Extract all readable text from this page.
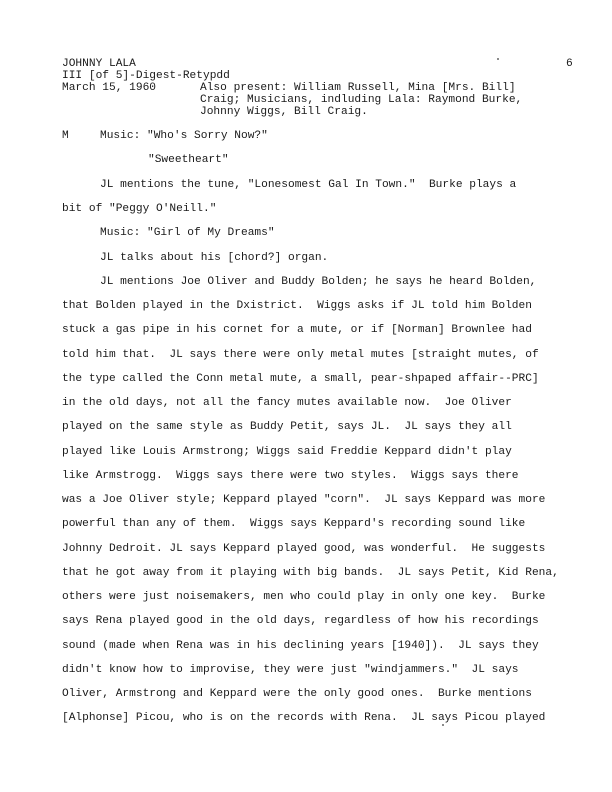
6
JOHNNY LALA
III [of 5]-Digest-Retypdd
March 15, 1960	Also present: William Russell, Mina [Mrs. Bill]
Craig; Musicians, indluding Lala: Raymond Burke,
Johnny Wiggs, Bill Craig.
M	Music: "Who's Sorry Now?"
"Sweetheart"
JL mentions the tune, "Lonesomest Gal In Town."  Burke plays a
bit of "Peggy O'Neill."
Music: "Girl of My Dreams"
JL talks about his [chord?] organ.
JL mentions Joe Oliver and Buddy Bolden; he says he heard Bolden,
that Bolden played in the Dxistrict.  Wiggs asks if JL told him Bolden
stuck a gas pipe in his cornet for a mute, or if [Norman] Brownlee had
told him that.  JL says there were only metal mutes [straight mutes, of
the type called the Conn metal mute, a small, pear-shpaped affair--PRC]
in the old days, not all the fancy mutes available now.  Joe Oliver
played on the same style as Buddy Petit, says JL.  JL says they all
played like Louis Armstrong; Wiggs said Freddie Keppard didn't play
like Armstrogg.  Wiggs says there were two styles.  Wiggs says there
was a Joe Oliver style; Keppard played "corn".  JL says Keppard was more
powerful than any of them.  Wiggs says Keppard's recording sound like
Johnny Dedroit. JL says Keppard played good, was wonderful.  He suggests
that he got away from it playing with big bands.  JL says Petit, Kid Rena,
others were just noisemakers, men who could play in only one key.  Burke
says Rena played good in the old days, regardless of how his recordings
sound (made when Rena was in his declining years [1940]).  JL says they
didn't know how to improvise, they were just "windjammers."  JL says
Oliver, Armstrong and Keppard were the only good ones.  Burke mentions
[Alphonse] Picou, who is on the records with Rena.  JL says Picou played
